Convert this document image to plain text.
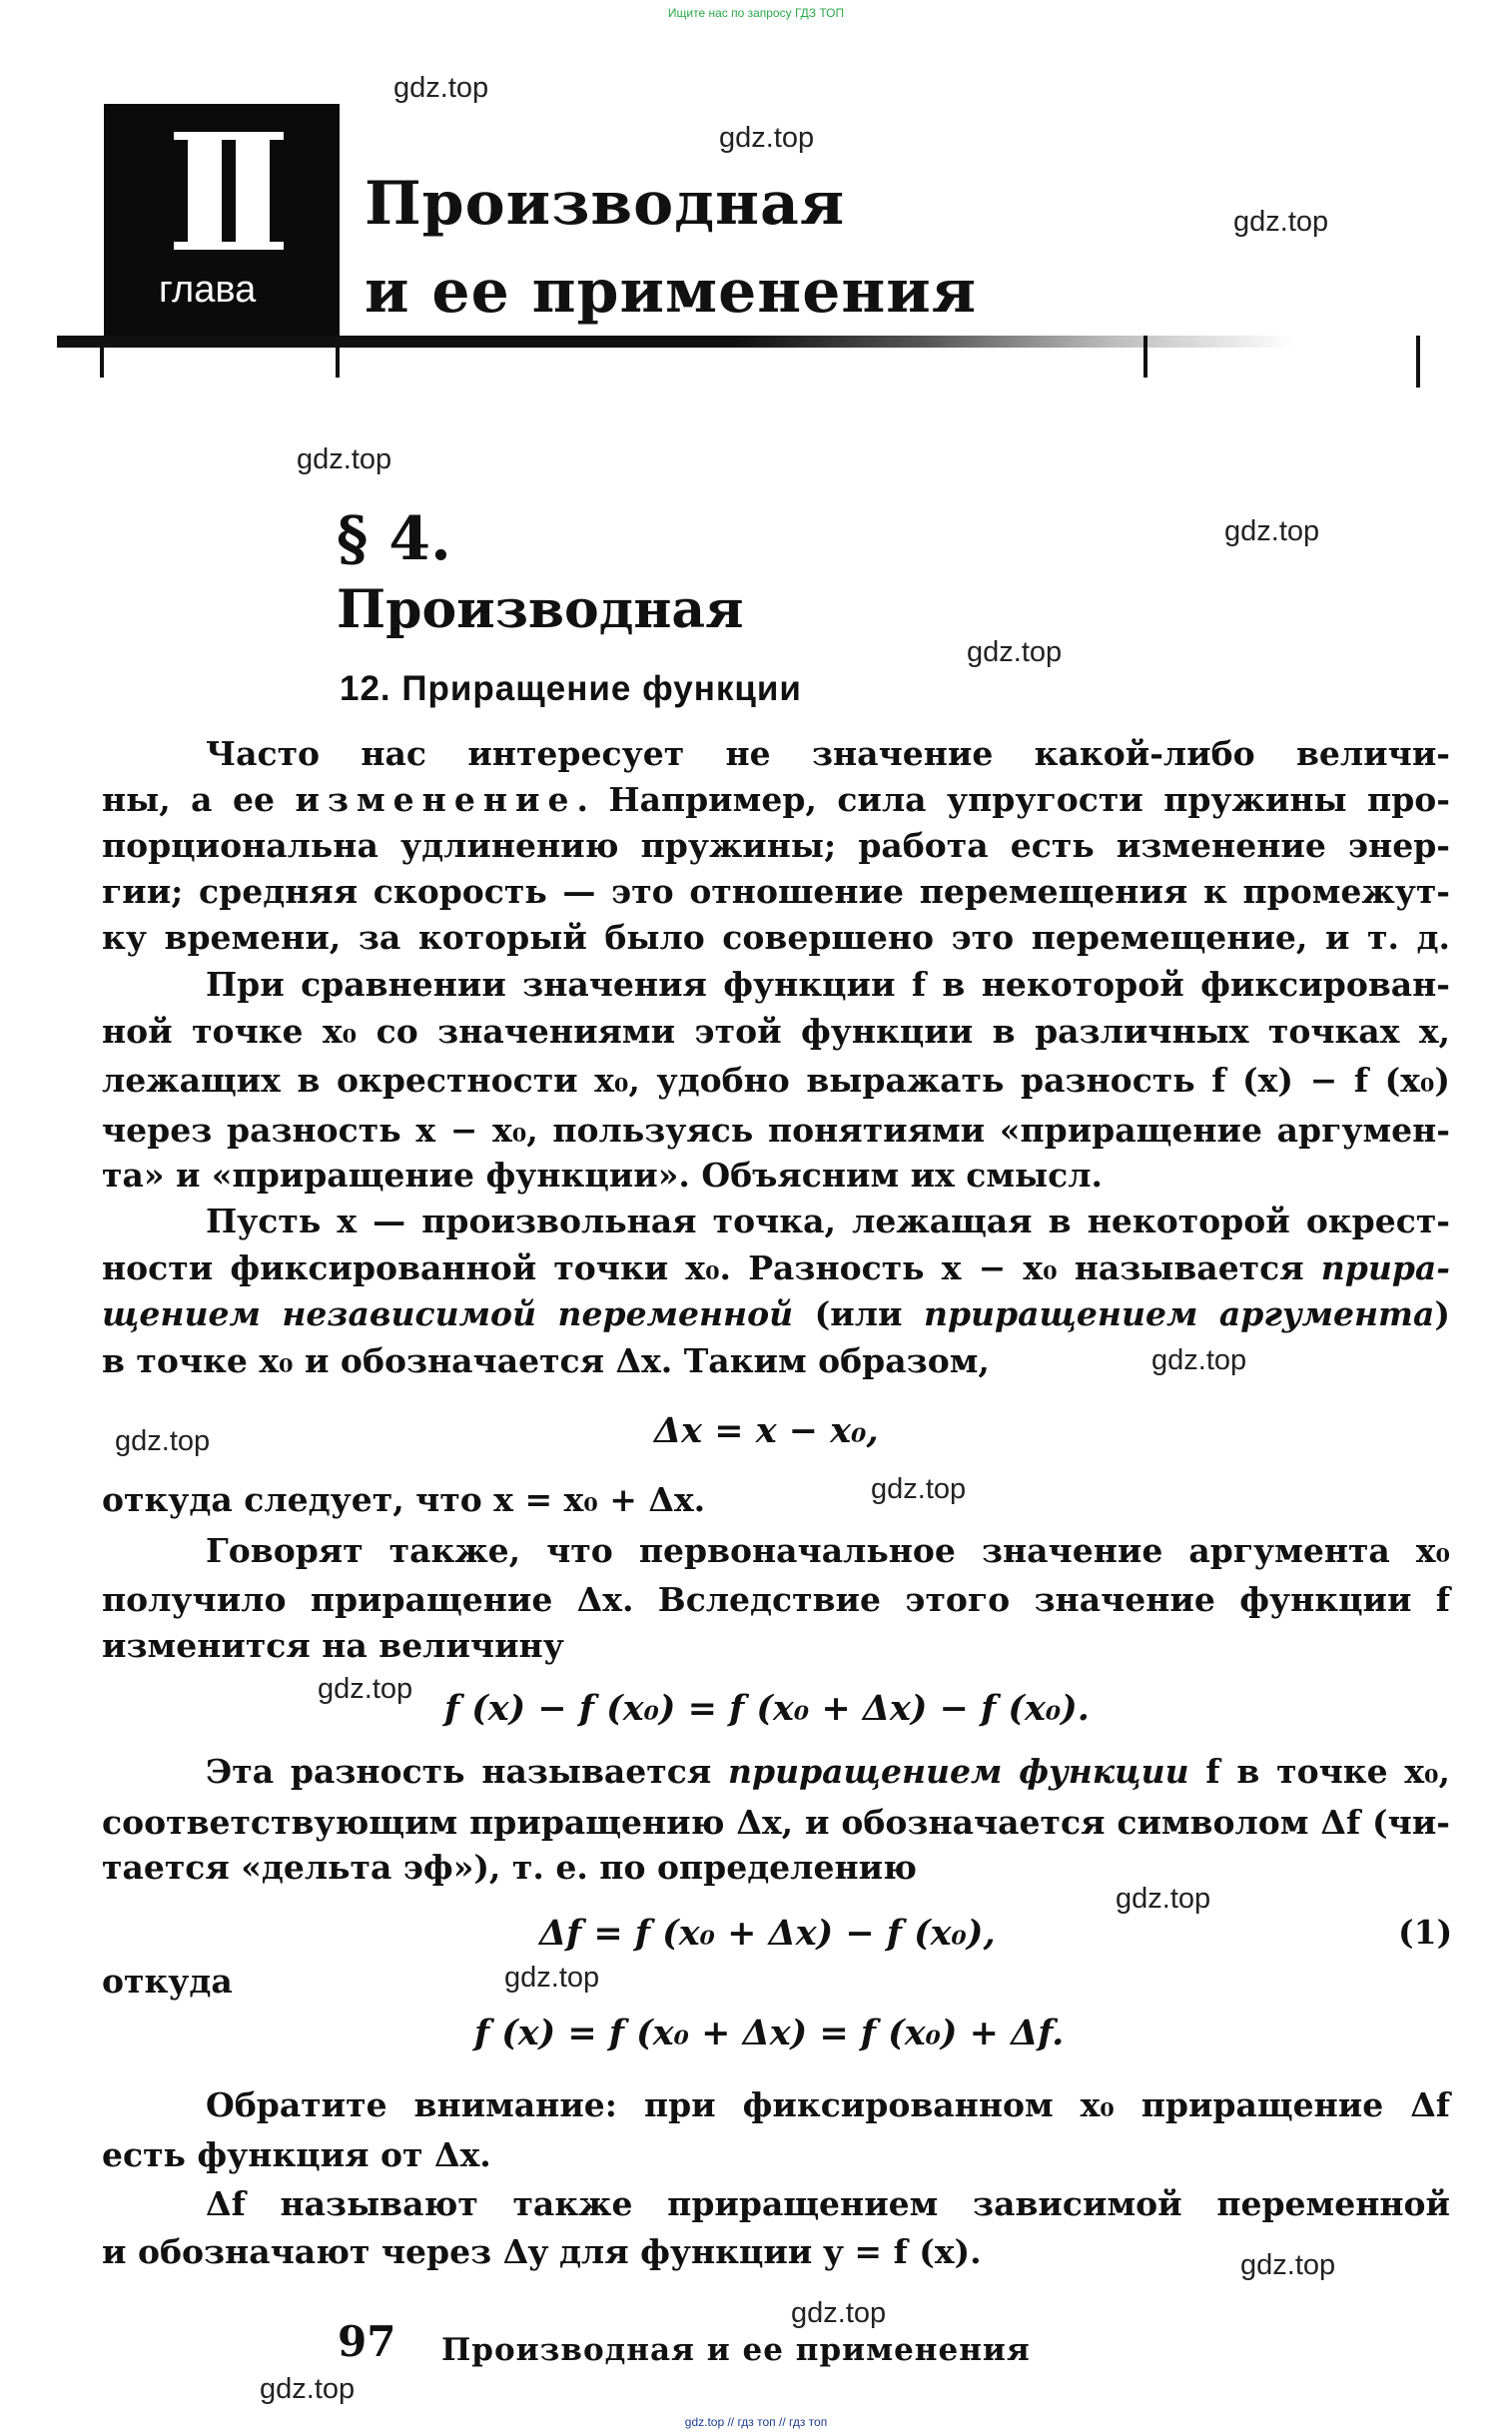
Ищите нас по запросу ГДЗ ТОП
gdz.top
gdz.top
gdz.top
gdz.top
gdz.top
gdz.top
gdz.top
gdz.top
gdz.top
gdz.top
gdz.top
gdz.top
gdz.top
gdz.top
gdz.top
глава
Производная
и ее применения
§ 4.
Производная
12. Приращение функции
Часто нас интересует не значение какой-либо величи-
ны, а ее изменение. Например, сила упругости пружины про-
порциональна удлинению пружины; работа есть изменение энер-
гии; средняя скорость — это отношение перемещения к промежут-
ку времени, за который было совершено это перемещение, и т. д.
При сравнении значения функции f в некоторой фиксирован-
ной точке x₀ со значениями этой функции в различных точках x,
лежащих в окрестности x₀, удобно выражать разность f (x) − f (x₀)
через разность x − x₀, пользуясь понятиями «приращение аргумен-
та» и «приращение функции». Объясним их смысл.
Пусть x — произвольная точка, лежащая в некоторой окрест-
ности фиксированной точки x₀. Разность x − x₀ называется прира-
щением независимой переменной (или приращением аргумента)
в точке x₀ и обозначается Δx. Таким образом,
Δx = x − x₀,
откуда следует, что x = x₀ + Δx.
Говорят также, что первоначальное значение аргумента x₀
получило приращение Δx. Вследствие этого значение функции f
изменится на величину
f (x) − f (x₀) = f (x₀ + Δx) − f (x₀).
Эта разность называется приращением функции f в точке x₀,
соответствующим приращению Δx, и обозначается символом Δf (чи-
тается «дельта эф»), т. е. по определению
Δf = f (x₀ + Δx) − f (x₀),	(1)
откуда
f (x) = f (x₀ + Δx) = f (x₀) + Δf.
Обратите внимание: при фиксированном x₀ приращение Δf
есть функция от Δx.
Δf называют также приращением зависимой переменной
и обозначают через Δy для функции y = f (x).
97 Производная и ее применения
gdz.top // гдз топ // гдз топ
